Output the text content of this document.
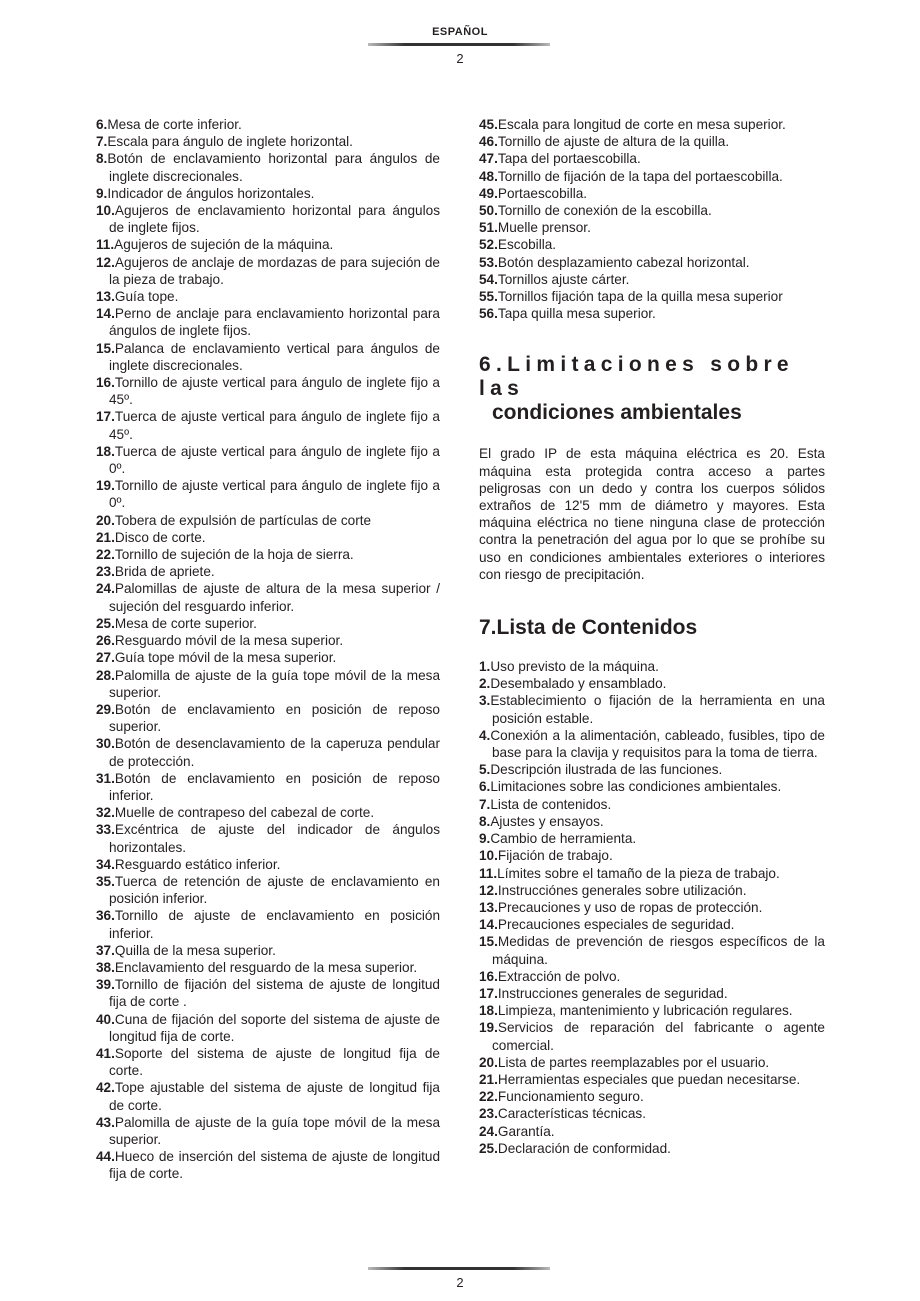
ESPAÑOL
2
6.Mesa de corte inferior.
7.Escala para ángulo de inglete horizontal.
8.Botón de enclavamiento horizontal para ángulos de inglete discrecionales.
9.Indicador de ángulos horizontales.
10.Agujeros de enclavamiento horizontal para ángulos de inglete fijos.
11.Agujeros de sujeción de la máquina.
12.Agujeros de anclaje de mordazas de para sujeción de la pieza de trabajo.
13.Guía tope.
14.Perno de anclaje para enclavamiento horizontal para ángulos de inglete fijos.
15.Palanca de enclavamiento vertical para ángulos de inglete discrecionales.
16.Tornillo de ajuste vertical para ángulo de inglete fijo a 45º.
17.Tuerca de ajuste vertical para ángulo de inglete fijo a 45º.
18.Tuerca de ajuste vertical para ángulo de inglete fijo a 0º.
19.Tornillo de ajuste vertical para ángulo de inglete fijo a 0º.
20.Tobera de expulsión de partículas de corte
21.Disco de corte.
22.Tornillo de sujeción de la hoja de sierra.
23.Brida de apriete.
24.Palomillas de ajuste de altura de la mesa superior / sujeción del resguardo inferior.
25.Mesa de corte superior.
26.Resguardo móvil de la mesa superior.
27.Guía tope móvil de la mesa superior.
28.Palomilla de ajuste de la guía tope móvil de la mesa superior.
29.Botón de enclavamiento en posición de reposo superior.
30.Botón de desenclavamiento de la caperuza pendular de protección.
31.Botón de enclavamiento en posición de reposo inferior.
32.Muelle de contrapeso del cabezal de corte.
33.Excéntrica de ajuste del indicador de ángulos horizontales.
34.Resguardo estático inferior.
35.Tuerca de retención de ajuste de enclavamiento en posición inferior.
36.Tornillo de ajuste de enclavamiento en posición inferior.
37.Quilla de la mesa superior.
38.Enclavamiento del resguardo de la mesa superior.
39.Tornillo de fijación del sistema de ajuste de longitud fija de corte .
40.Cuna de fijación del soporte del sistema de ajuste de longitud fija de corte.
41.Soporte del sistema de ajuste de longitud fija de corte.
42.Tope ajustable del sistema de ajuste de longitud fija de corte.
43.Palomilla de ajuste de la guía tope móvil de la mesa superior.
44.Hueco de inserción del sistema de ajuste de longitud fija de corte.
45.Escala para longitud de corte en mesa superior.
46.Tornillo de ajuste de altura de la quilla.
47.Tapa del portaescobilla.
48.Tornillo de fijación de la tapa del portaescobilla.
49.Portaescobilla.
50.Tornillo de conexión de la escobilla.
51.Muelle prensor.
52.Escobilla.
53.Botón desplazamiento cabezal horizontal.
54.Tornillos ajuste cárter.
55.Tornillos fijación tapa de la quilla mesa superior
56.Tapa quilla mesa superior.
6.Limitaciones sobre las
condiciones ambientales

El grado IP de esta máquina eléctrica es 20. Esta máquina esta protegida contra acceso a partes peligrosas con un dedo y contra los cuerpos sólidos extraños de 12'5 mm de diámetro y mayores. Esta máquina eléctrica no tiene ninguna clase de protección contra la penetración del agua por lo que se prohíbe su uso en condiciones ambientales exteriores o interiores con riesgo de precipitación.

7.Lista de Contenidos
1.Uso previsto de la máquina.
2.Desembalado y ensamblado.
3.Establecimiento o fijación de la herramienta en una posición estable.
4.Conexión a la alimentación, cableado, fusibles, tipo de base para la clavija y requisitos para la toma de tierra.
5.Descripción ilustrada de las funciones.
6.Limitaciones sobre las condiciones ambientales.
7.Lista de contenidos.
8.Ajustes y ensayos.
9.Cambio de herramienta.
10.Fijación de trabajo.
11.Límites sobre el tamaño de la pieza de trabajo.
12.Instrucciónes generales sobre utilización.
13.Precauciones y uso de ropas de protección.
14.Precauciones especiales de seguridad.
15.Medidas de prevención de riesgos específicos de la máquina.
16.Extracción de polvo.
17.Instrucciones generales de seguridad.
18.Limpieza, mantenimiento y lubricación regulares.
19.Servicios de reparación del fabricante o agente comercial.
20.Lista de partes reemplazables por el usuario.
21.Herramientas especiales que puedan necesitarse.
22.Funcionamiento seguro.
23.Características técnicas.
24.Garantía.
25.Declaración de conformidad.
2
